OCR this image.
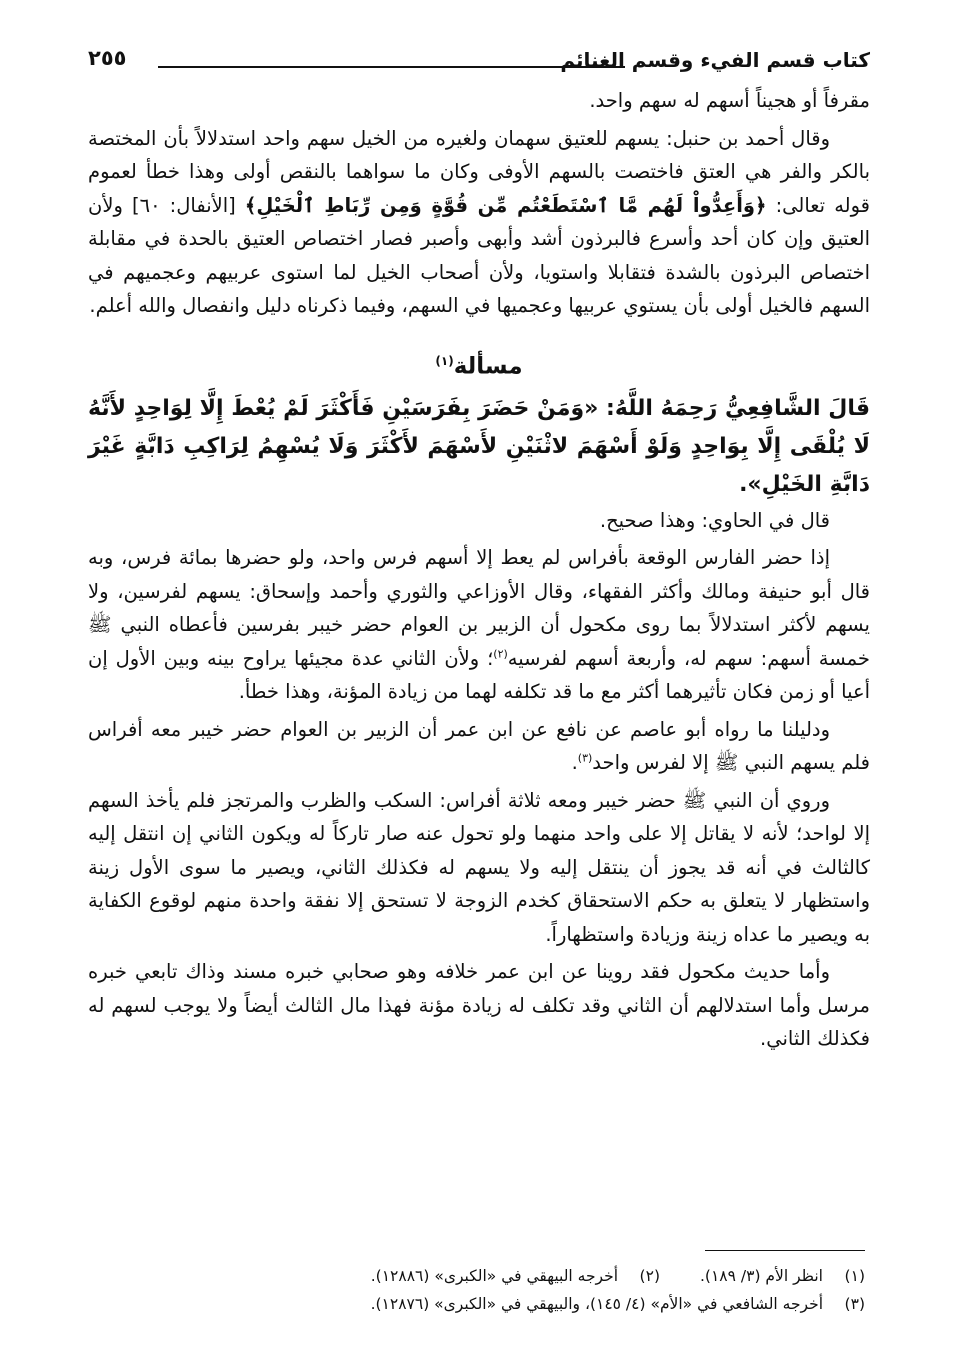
كتاب قسم الفيء وقسم الغنائم
٢٥٥

مقرفاً أو هجيناً أسهم له سهم واحد.

وقال أحمد بن حنبل: يسهم للعتيق سهمان ولغيره من الخيل سهم واحد استدلالاً بأن المختصة بالكر والفر هي العتق فاختصت بالسهم الأوفى وكان ما سواهما بالنقص أولى وهذا خطأ لعموم قوله تعالى: ﴿وَأَعِدُّواْ لَهُم مَّا ٱسْتَطَعْتُم مِّن قُوَّةٍ وَمِن رِّبَاطِ ٱلْخَيْلِ﴾ [الأنفال: ٦٠] ولأن العتيق وإن كان أحد وأسرع فالبرذون أشد وأبهى وأصبر فصار اختصاص العتيق بالحدة في مقابلة اختصاص البرذون بالشدة فتقابلا واستويا، ولأن أصحاب الخيل لما استوى عربيهم وعجميهم في السهم فالخيل أولى بأن يستوي عربيها وعجميها في السهم، وفيما ذكرناه دليل وانفصال والله أعلم.

مسألة$^{(١)}$
قَالَ الشَّافِعِيُّ رَحِمَهُ اللَّهُ: «وَمَنْ حَضَرَ بِفَرَسَيْنِ فَأَكْثَرَ لَمْ يُعْطَ إِلَّا لِوَاحِدٍ لأَنَّهُ لَا يُلْقَى إِلَّا بِوَاحِدٍ وَلَوْ أَسْهَمَ لاثْنَيْنِ لأَسْهَمَ لأَكْثَرَ وَلَا يُسْهِمُ لِرَاكِبِ دَابَّةٍ غَيْرَ دَابَّةِ الخَيْلِ».

قال في الحاوي: وهذا صحيح.

إذا حضر الفارس الوقعة بأفراس لم يعط إلا أسهم فرس واحد، ولو حضرها بمائة فرس، وبه قال أبو حنيفة ومالك وأكثر الفقهاء، وقال الأوزاعي والثوري وأحمد وإسحاق: يسهم لفرسين، ولا يسهم لأكثر استدلالاً بما روى مكحول أن الزبير بن العوام حضر خيبر بفرسين فأعطاه النبي ﷺ خمسة أسهم: سهم له، وأربعة أسهم لفرسيه$^{(٢)}$؛ ولأن الثاني عدة مجيئها يراوح بينه وبين الأول إن أعيا أو زمن فكان تأثيرهما أكثر مع ما قد تكلفه لهما من زيادة المؤنة، وهذا خطأ.

ودليلنا ما رواه أبو عاصم عن نافع عن ابن عمر أن الزبير بن العوام حضر خيبر معه أفراس فلم يسهم النبي ﷺ إلا لفرس واحد$^{(٣)}$.

وروي أن النبي ﷺ حضر خيبر ومعه ثلاثة أفراس: السكب والظرب والمرتجز فلم يأخذ السهم إلا لواحد؛ لأنه لا يقاتل إلا على واحد منهما ولو تحول عنه صار تاركاً له ويكون الثاني إن انتقل إليه كالثالث في أنه قد يجوز أن ينتقل إليه ولا يسهم له فكذلك الثاني، ويصير ما سوى الأول زينة واستظهار لا يتعلق به حكم الاستحقاق كخدم الزوجة لا تستحق إلا نفقة واحدة منهم لوقوع الكفاية به ويصير ما عداه زينة وزيادة واستظهاراً.

وأما حديث مكحول فقد روينا عن ابن عمر خلافه وهو صحابي خبره مسند وذاك تابعي خبره مرسل وأما استدلالهم أن الثاني وقد تكلف له زيادة مؤنة فهذا مال الثالث أيضاً ولا يوجب لسهم له فكذلك الثاني.

(١)انظر الأم (٣/ ١٨٩).(٢)أخرجه البيهقي في «الكبرى» (١٢٨٨٦).
(٣)أخرجه الشافعي في «الأم» (٤/ ١٤٥)، والبيهقي في «الكبرى» (١٢٨٧٦).
